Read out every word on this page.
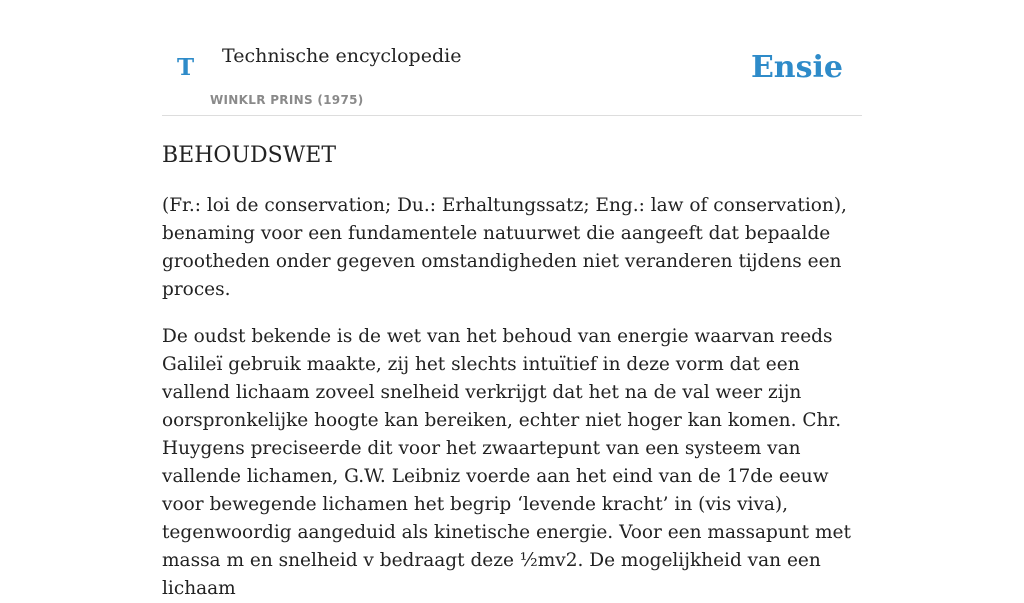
T Technische encyclopedie
WINKLR PRINS (1975)
Ensie
BEHOUDSWET

(Fr.: loi de conservation; Du.: Erhaltungssatz; Eng.: law of conservation), benaming voor een fundamentele natuurwet die aangeeft dat bepaalde grootheden onder gegeven omstandigheden niet veranderen tijdens een proces.

De oudst bekende is de wet van het behoud van energie waarvan reeds Galileï gebruik maakte, zij het slechts intuïtief in deze vorm dat een vallend lichaam zoveel snelheid verkrijgt dat het na de val weer zijn oorspronkelijke hoogte kan bereiken, echter niet hoger kan komen. Chr. Huygens preciseerde dit voor het zwaartepunt van een systeem van vallende lichamen, G.W. Leibniz voerde aan het eind van de 17de eeuw voor bewegende lichamen het begrip ‘levende kracht’ in (vis viva), tegenwoordig aangeduid als kinetische energie. Voor een massapunt met massa m en snelheid v bedraagt deze ½mv2. De mogelijkheid van een lichaam
